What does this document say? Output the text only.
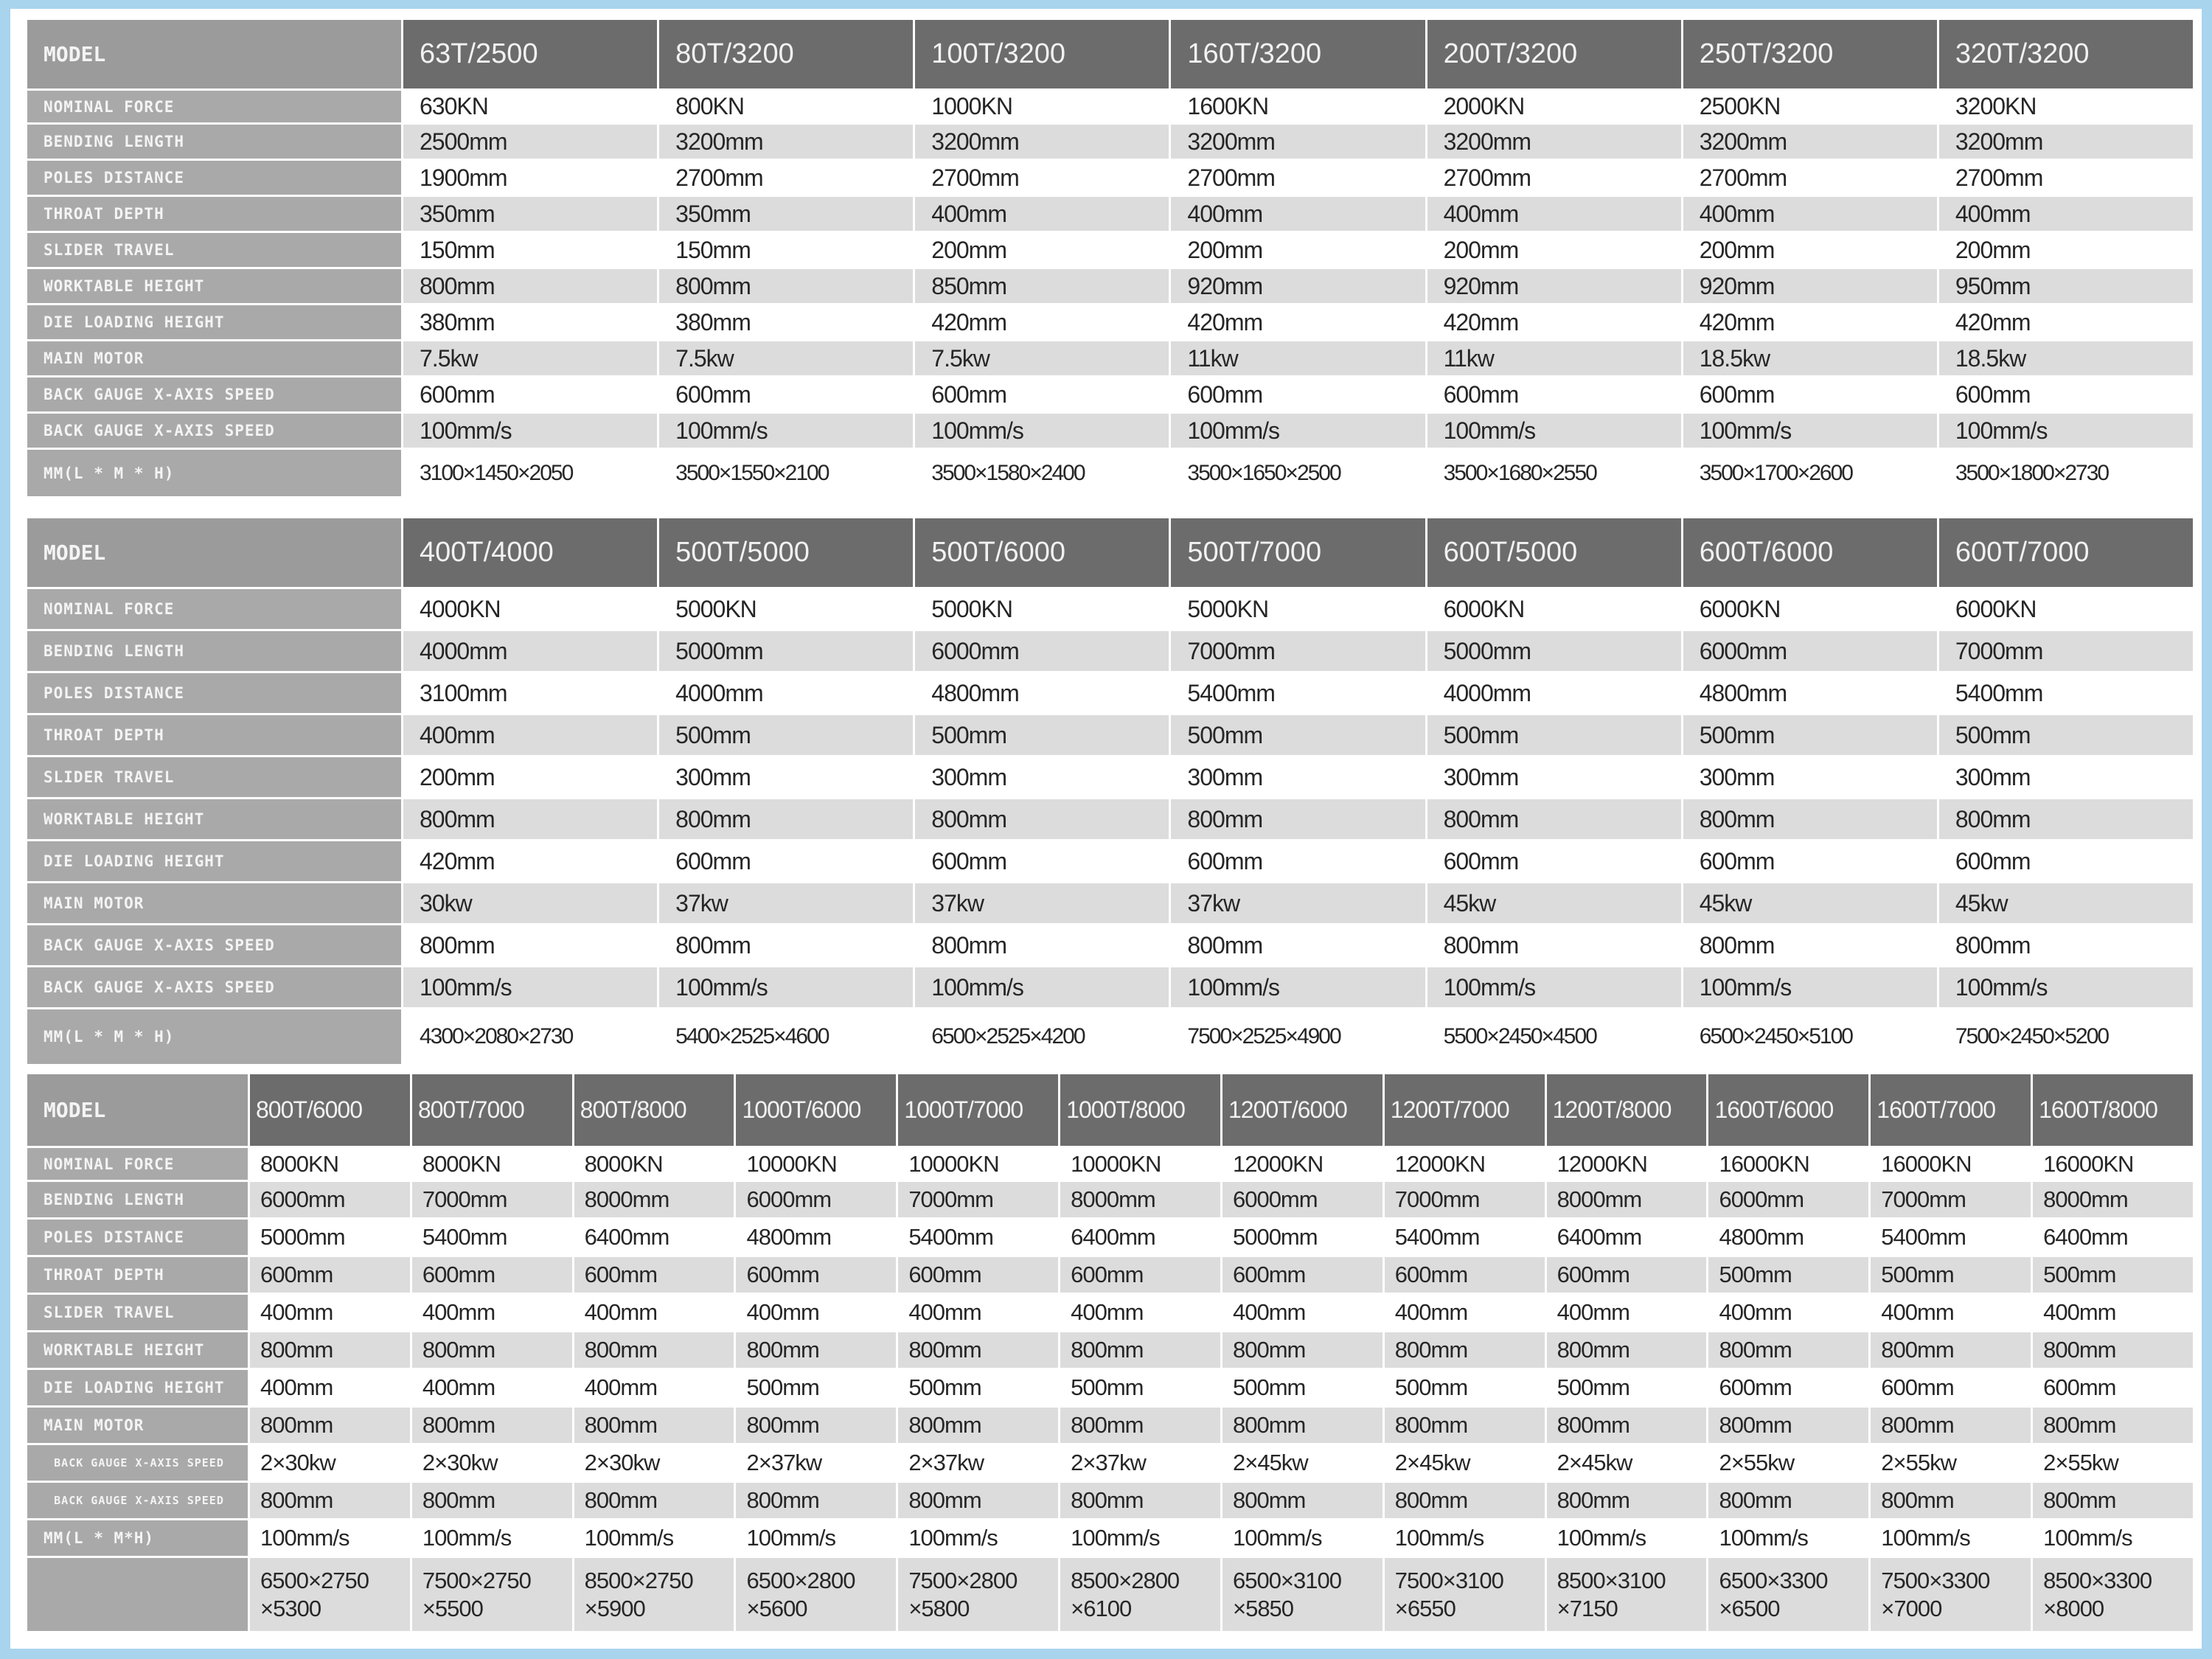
MODEL	63T/2500	80T/3200	100T/3200	160T/3200	200T/3200	250T/3200	320T/3200
NOMINAL FORCE	630KN	800KN	1000KN	1600KN	2000KN	2500KN	3200KN
BENDING LENGTH	2500mm	3200mm	3200mm	3200mm	3200mm	3200mm	3200mm
POLES DISTANCE	1900mm	2700mm	2700mm	2700mm	2700mm	2700mm	2700mm
THROAT DEPTH	350mm	350mm	400mm	400mm	400mm	400mm	400mm
SLIDER TRAVEL	150mm	150mm	200mm	200mm	200mm	200mm	200mm
WORKTABLE HEIGHT	800mm	800mm	850mm	920mm	920mm	920mm	950mm
DIE LOADING HEIGHT	380mm	380mm	420mm	420mm	420mm	420mm	420mm
MAIN MOTOR	7.5kw	7.5kw	7.5kw	11kw	11kw	18.5kw	18.5kw
BACK GAUGE X-AXIS SPEED	600mm	600mm	600mm	600mm	600mm	600mm	600mm
BACK GAUGE X-AXIS SPEED	100mm/s	100mm/s	100mm/s	100mm/s	100mm/s	100mm/s	100mm/s
MM(L * M * H)	3100×1450×2050	3500×1550×2100	3500×1580×2400	3500×1650×2500	3500×1680×2550	3500×1700×2600	3500×1800×2730
MODEL	400T/4000	500T/5000	500T/6000	500T/7000	600T/5000	600T/6000	600T/7000
NOMINAL FORCE	4000KN	5000KN	5000KN	5000KN	6000KN	6000KN	6000KN
BENDING LENGTH	4000mm	5000mm	6000mm	7000mm	5000mm	6000mm	7000mm
POLES DISTANCE	3100mm	4000mm	4800mm	5400mm	4000mm	4800mm	5400mm
THROAT DEPTH	400mm	500mm	500mm	500mm	500mm	500mm	500mm
SLIDER TRAVEL	200mm	300mm	300mm	300mm	300mm	300mm	300mm
WORKTABLE HEIGHT	800mm	800mm	800mm	800mm	800mm	800mm	800mm
DIE LOADING HEIGHT	420mm	600mm	600mm	600mm	600mm	600mm	600mm
MAIN MOTOR	30kw	37kw	37kw	37kw	45kw	45kw	45kw
BACK GAUGE X-AXIS SPEED	800mm	800mm	800mm	800mm	800mm	800mm	800mm
BACK GAUGE X-AXIS SPEED	100mm/s	100mm/s	100mm/s	100mm/s	100mm/s	100mm/s	100mm/s
MM(L * M * H)	4300×2080×2730	5400×2525×4600	6500×2525×4200	7500×2525×4900	5500×2450×4500	6500×2450×5100	7500×2450×5200
MODEL	800T/6000	800T/7000	800T/8000	1000T/6000	1000T/7000	1000T/8000	1200T/6000	1200T/7000	1200T/8000	1600T/6000	1600T/7000	1600T/8000
NOMINAL FORCE	8000KN	8000KN	8000KN	10000KN	10000KN	10000KN	12000KN	12000KN	12000KN	16000KN	16000KN	16000KN
BENDING LENGTH	6000mm	7000mm	8000mm	6000mm	7000mm	8000mm	6000mm	7000mm	8000mm	6000mm	7000mm	8000mm
POLES DISTANCE	5000mm	5400mm	6400mm	4800mm	5400mm	6400mm	5000mm	5400mm	6400mm	4800mm	5400mm	6400mm
THROAT DEPTH	600mm	600mm	600mm	600mm	600mm	600mm	600mm	600mm	600mm	500mm	500mm	500mm
SLIDER TRAVEL	400mm	400mm	400mm	400mm	400mm	400mm	400mm	400mm	400mm	400mm	400mm	400mm
WORKTABLE HEIGHT	800mm	800mm	800mm	800mm	800mm	800mm	800mm	800mm	800mm	800mm	800mm	800mm
DIE LOADING HEIGHT	400mm	400mm	400mm	500mm	500mm	500mm	500mm	500mm	500mm	600mm	600mm	600mm
MAIN MOTOR	800mm	800mm	800mm	800mm	800mm	800mm	800mm	800mm	800mm	800mm	800mm	800mm
BACK GAUGE X-AXIS SPEED	2×30kw	2×30kw	2×30kw	2×37kw	2×37kw	2×37kw	2×45kw	2×45kw	2×45kw	2×55kw	2×55kw	2×55kw
BACK GAUGE X-AXIS SPEED	800mm	800mm	800mm	800mm	800mm	800mm	800mm	800mm	800mm	800mm	800mm	800mm
MM(L * M*H)	100mm/s	100mm/s	100mm/s	100mm/s	100mm/s	100mm/s	100mm/s	100mm/s	100mm/s	100mm/s	100mm/s	100mm/s
	6500×2750 ×5300	7500×2750 ×5500	8500×2750 ×5900	6500×2800 ×5600	7500×2800 ×5800	8500×2800 ×6100	6500×3100 ×5850	7500×3100 ×6550	8500×3100 ×7150	6500×3300 ×6500	7500×3300 ×7000	8500×3300 ×8000
